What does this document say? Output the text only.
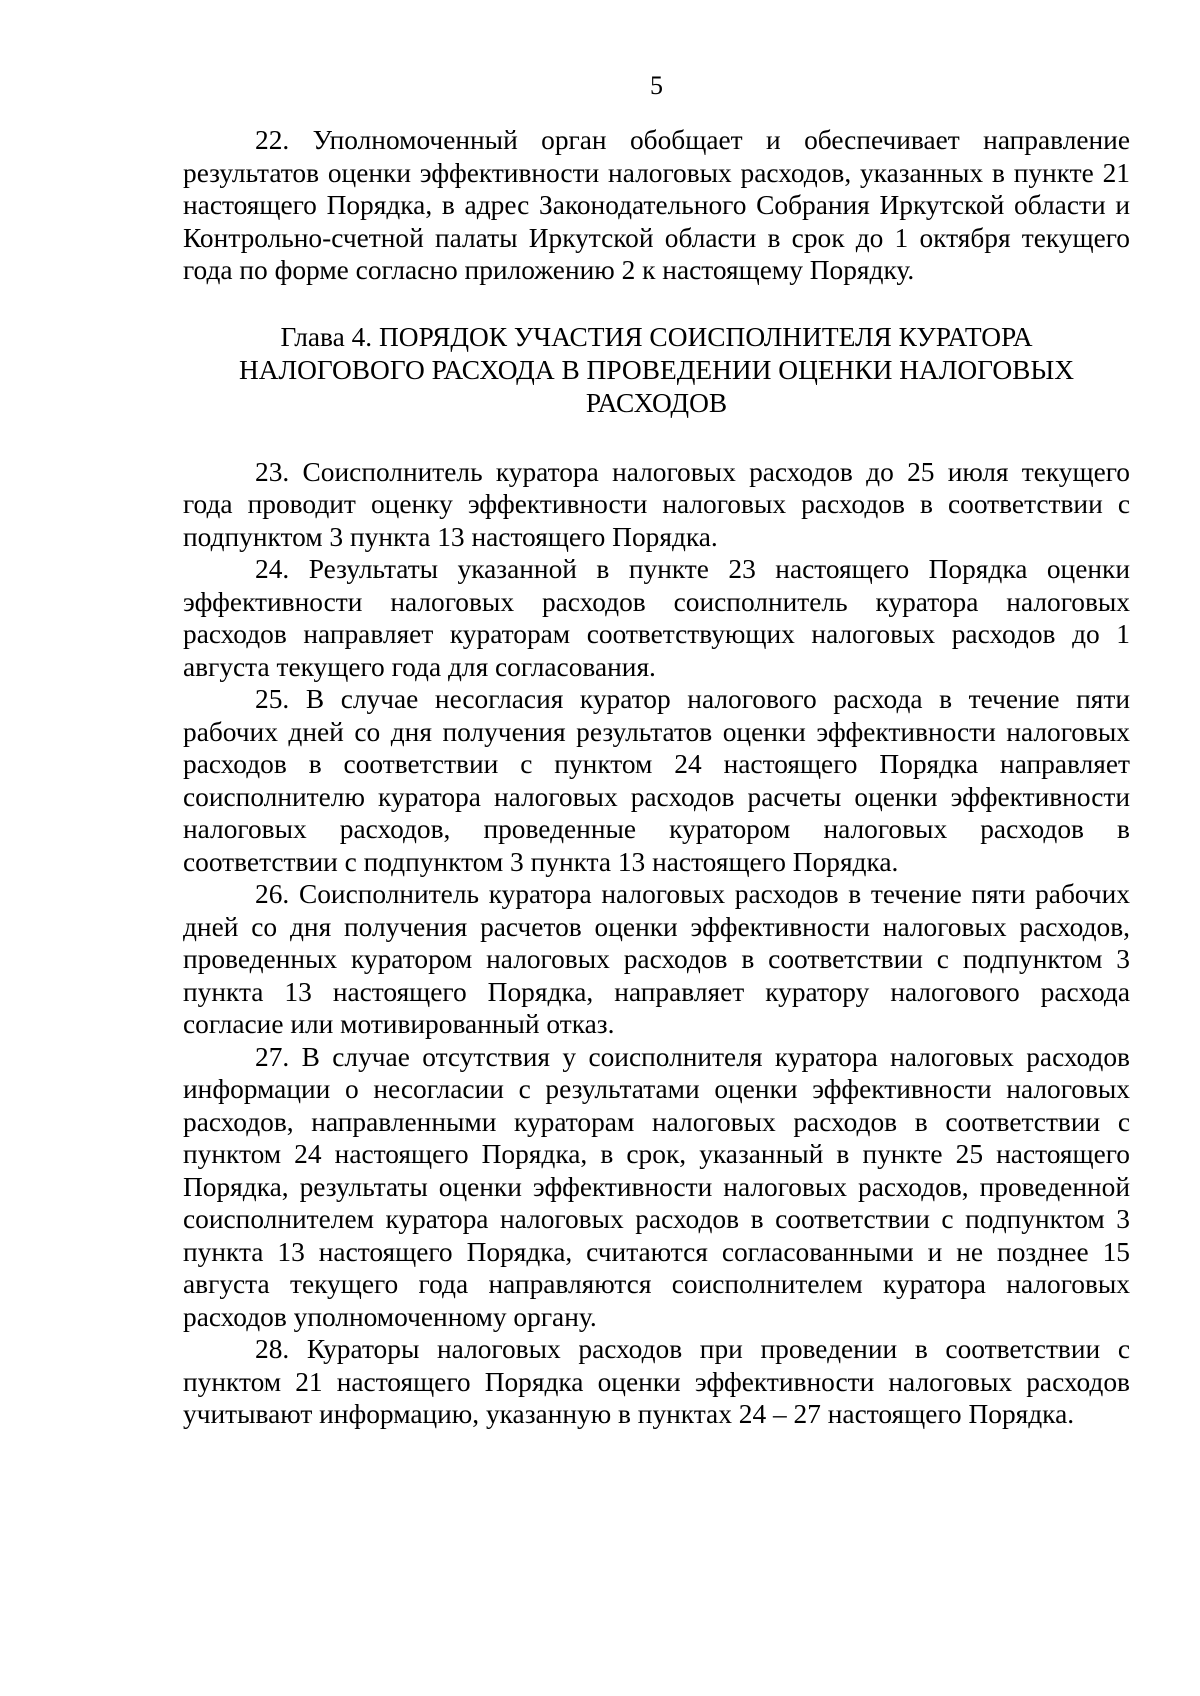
5

22. Уполномоченный орган обобщает и обеспечивает направление результатов оценки эффективности налоговых расходов, указанных в пункте 21 настоящего Порядка, в адрес Законодательного Собрания Иркутской области и Контрольно-счетной палаты Иркутской области в срок до 1 октября текущего года по форме согласно приложению 2 к настоящему Порядку.

Глава 4. ПОРЯДОК УЧАСТИЯ СОИСПОЛНИТЕЛЯ КУРАТОРА
НАЛОГОВОГО РАСХОДА В ПРОВЕДЕНИИ ОЦЕНКИ НАЛОГОВЫХ
РАСХОДОВ

23. Соисполнитель куратора налоговых расходов до 25 июля текущего года проводит оценку эффективности налоговых расходов в соответствии с подпунктом 3 пункта 13 настоящего Порядка.

24. Результаты указанной в пункте 23 настоящего Порядка оценки эффективности налоговых расходов соисполнитель куратора налоговых расходов направляет кураторам соответствующих налоговых расходов до 1 августа текущего года для согласования.

25. В случае несогласия куратор налогового расхода в течение пяти рабочих дней со дня получения результатов оценки эффективности налоговых расходов в соответствии с пунктом 24 настоящего Порядка направляет соисполнителю куратора налоговых расходов расчеты оценки эффективности налоговых расходов, проведенные куратором налоговых расходов в соответствии с подпунктом 3 пункта 13 настоящего Порядка.

26. Соисполнитель куратора налоговых расходов в течение пяти рабочих дней со дня получения расчетов оценки эффективности налоговых расходов, проведенных куратором налоговых расходов в соответствии с подпунктом 3 пункта 13 настоящего Порядка, направляет куратору налогового расхода согласие или мотивированный отказ.

27. В случае отсутствия у соисполнителя куратора налоговых расходов информации о несогласии с результатами оценки эффективности налоговых расходов, направленными кураторам налоговых расходов в соответствии с пунктом 24 настоящего Порядка, в срок, указанный в пункте 25 настоящего Порядка, результаты оценки эффективности налоговых расходов, проведенной соисполнителем куратора налоговых расходов в соответствии с подпунктом 3 пункта 13 настоящего Порядка, считаются согласованными и не позднее 15 августа текущего года направляются соисполнителем куратора налоговых расходов уполномоченному органу.

28. Кураторы налоговых расходов при проведении в соответствии с пунктом 21 настоящего Порядка оценки эффективности налоговых расходов учитывают информацию, указанную в пунктах 24 – 27 настоящего Порядка.
